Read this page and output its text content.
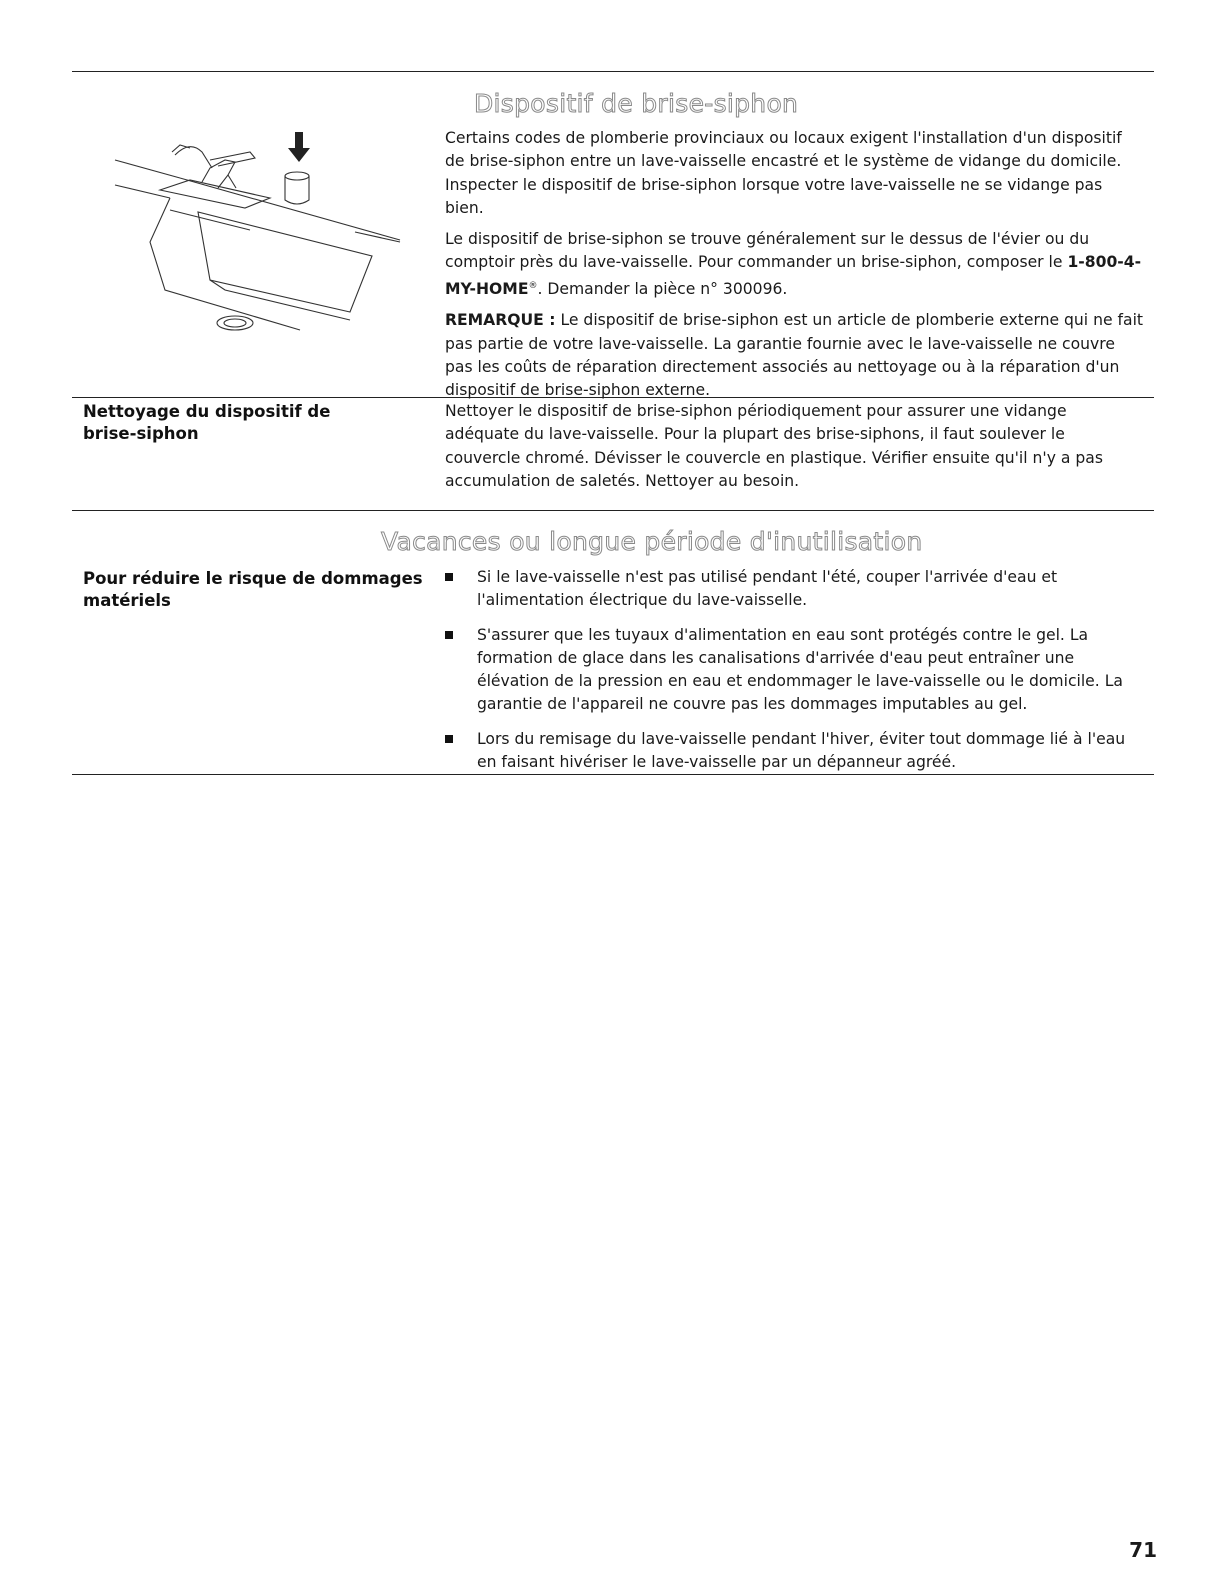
Dispositif de brise-siphon

Certains codes de plomberie provinciaux ou locaux exigent l'installation d'un dispositif de brise-siphon entre un lave-vaisselle encastré et le système de vidange du domicile. Inspecter le dispositif de brise-siphon lorsque votre lave-vaisselle ne se vidange pas bien.

Le dispositif de brise-siphon se trouve généralement sur le dessus de l'évier ou du comptoir près du lave-vaisselle. Pour commander un brise-siphon, composer le 1-800-4-MY-HOME®. Demander la pièce n° 300096.

REMARQUE : Le dispositif de brise-siphon est un article de plomberie externe qui ne fait pas partie de votre lave-vaisselle. La garantie fournie avec le lave-vaisselle ne couvre pas les coûts de réparation directement associés au nettoyage ou à la réparation d'un dispositif de brise-siphon externe.

Nettoyage du dispositif de brise-siphon

Nettoyer le dispositif de brise-siphon périodiquement pour assurer une vidange adéquate du lave-vaisselle. Pour la plupart des brise-siphons, il faut soulever le couvercle chromé. Dévisser le couvercle en plastique. Vérifier ensuite qu'il n'y a pas accumulation de saletés. Nettoyer au besoin.

Vacances ou longue période d'inutilisation
Pour réduire le risque de dommages matériels
Si le lave-vaisselle n'est pas utilisé pendant l'été, couper l'arrivée d'eau et l'alimentation électrique du lave-vaisselle.
S'assurer que les tuyaux d'alimentation en eau sont protégés contre le gel. La formation de glace dans les canalisations d'arrivée d'eau peut entraîner une élévation de la pression en eau et endommager le lave-vaisselle ou le domicile. La garantie de l'appareil ne couvre pas les dommages imputables au gel.
Lors du remisage du lave-vaisselle pendant l'hiver, éviter tout dommage lié à l'eau en faisant hivériser le lave-vaisselle par un dépanneur agréé.
71
